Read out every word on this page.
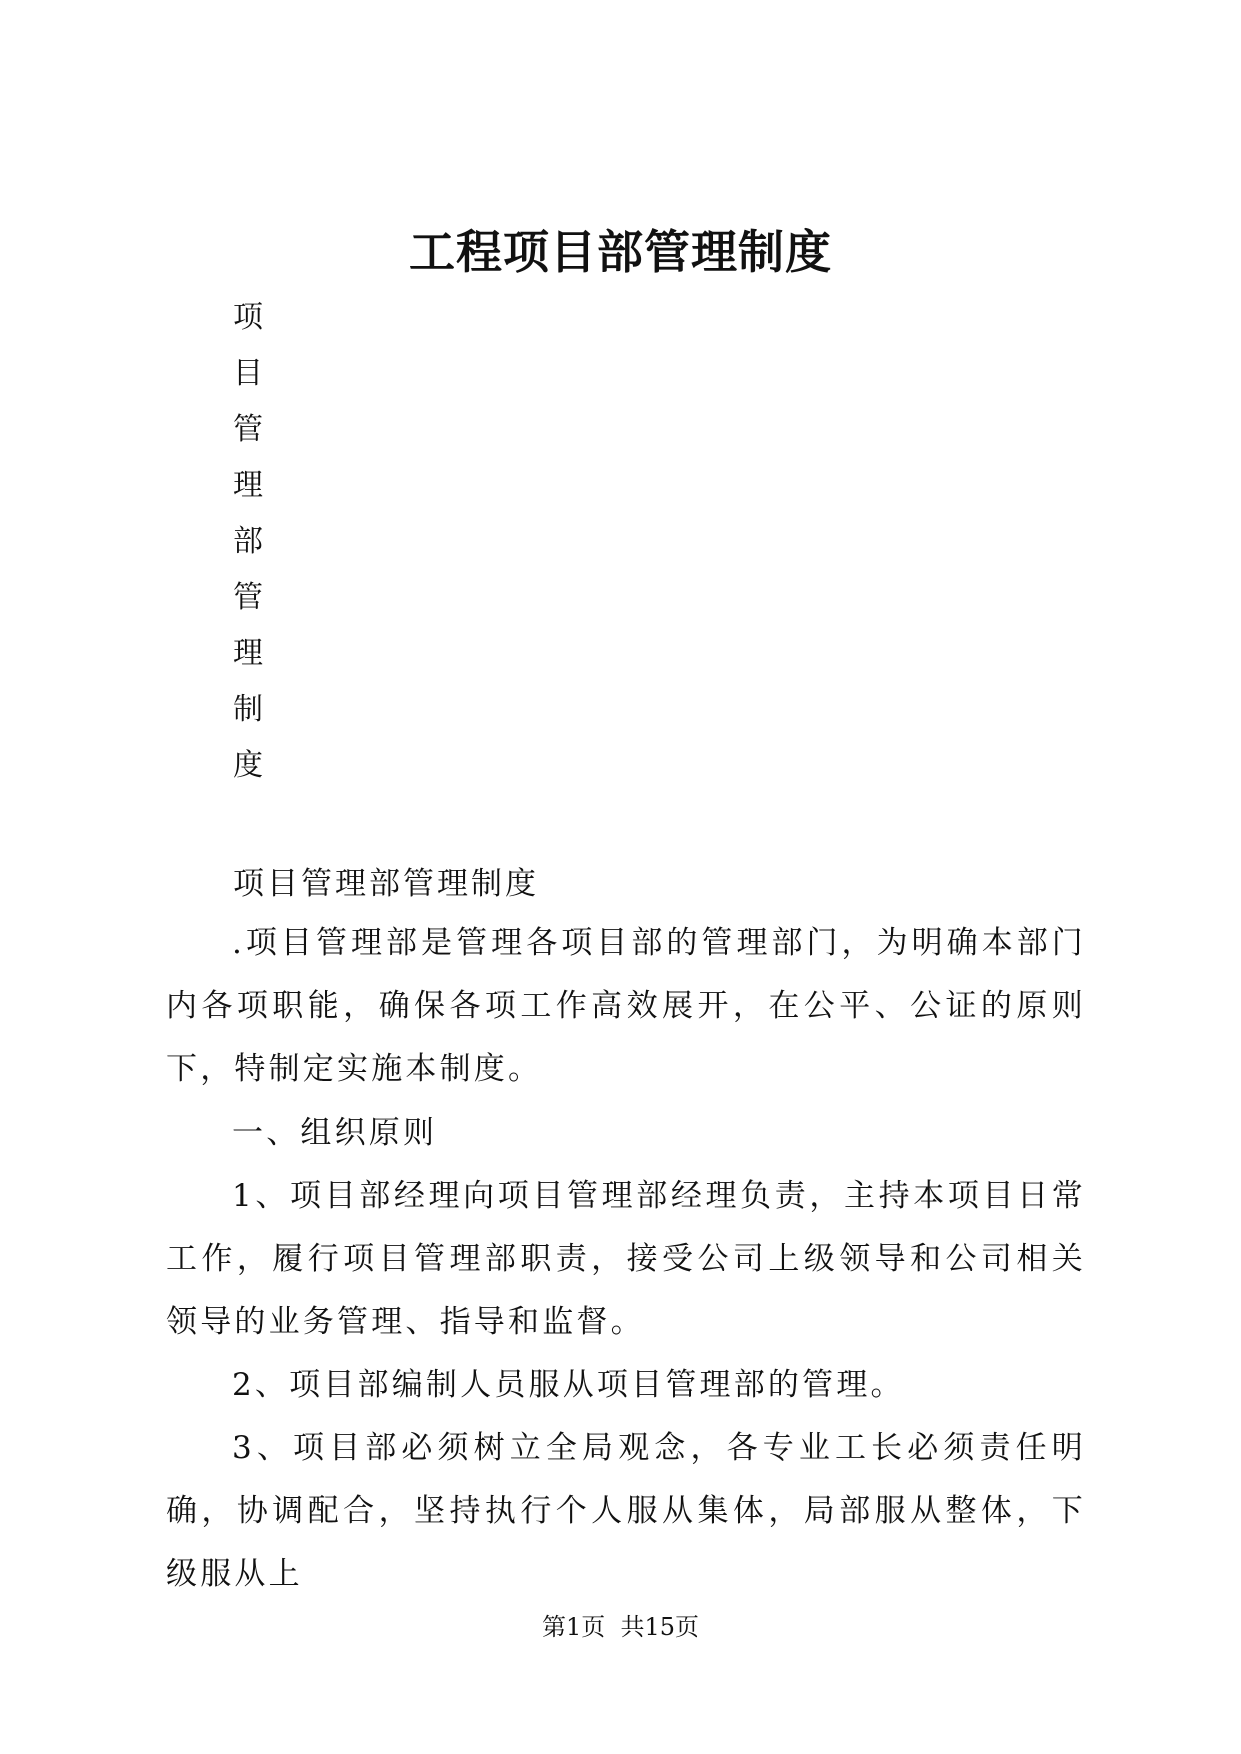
工程项目部管理制度
项
目
管
理
部
管
理
制
度
项目管理部管理制度

.项目管理部是管理各项目部的管理部门，为明确本部门内各项职能，确保各项工作高效展开，在公平、公证的原则下，特制定实施本制度。

一、组织原则

1、项目部经理向项目管理部经理负责，主持本项目日常工作，履行项目管理部职责，接受公司上级领导和公司相关领导的业务管理、指导和监督。

2、项目部编制人员服从项目管理部的管理。

3、项目部必须树立全局观念，各专业工长必须责任明确，协调配合，坚持执行个人服从集体，局部服从整体，下级服从上

第1页  共15页
